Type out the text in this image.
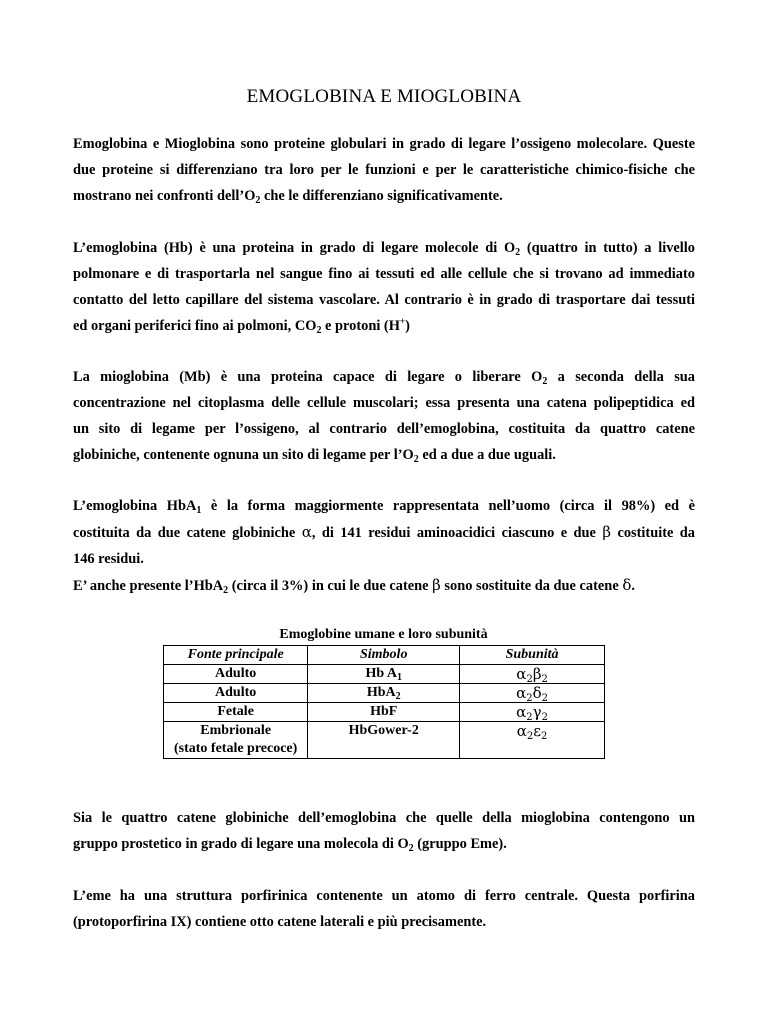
EMOGLOBINA E MIOGLOBINA

Emoglobina e Mioglobina sono proteine globulari in grado di legare l’ossigeno molecolare. Queste
due proteine si differenziano tra loro per le funzioni e per le caratteristiche chimico-fisiche che
mostrano nei confronti $dell’O_2$ che le differenziano significativamente.

L’emoglobina (Hb) è una proteina in grado di legare molecole di $O_2$ (quattro in tutto) a livello
polmonare e di trasportarla nel sangue fino ai tessuti ed alle cellule che si trovano ad immediato
contatto del letto capillare del sistema vascolare. Al contrario è in grado di trasportare dai tessuti
ed organi periferici fino ai polmoni, $CO_2$ e protoni (H+)

La mioglobina (Mb) è una proteina capace di legare o liberare $O_2$ a seconda della sua
concentrazione nel citoplasma delle cellule muscolari; essa presenta una catena polipeptidica ed
un sito di legame per l’ossigeno, al contrario dell’emoglobina, costituita da quattro catene
globiniche, contenente ognuna un sito di legame per $l’O_2$ ed a due a due uguali.

L’emoglobina HbA$_1$ è la forma maggiormente rappresentata nell’uomo (circa il 98%) ed è
costituita da due catene globiniche α, di 141 residui aminoacidici ciascuno e due β costituite da
146 residui.
E’ anche presente l’HbA$_2$ (circa il 3%) in cui le due catene β sono sostituite da due catene δ.

Emoglobine umane e loro subunità
Fonte principale	Simbolo	Subunità
Adulto	Hb $A_1$	$\alpha_2\beta_2$
Adulto	HbA$_2$	$\alpha_2\delta_2$
Fetale	HbF	$\alpha_2\gamma_2$
Embrionale
(stato fetale precoce)	HbGower-2	$\alpha_2\varepsilon_2$

Sia le quattro catene globiniche dell’emoglobina che quelle della mioglobina contengono un
gruppo prostetico in grado di legare una molecola di $O_2$ (gruppo Eme).

L’eme ha una struttura porfirinica contenente un atomo di ferro centrale. Questa porfirina
(protoporfirina IX) contiene otto catene laterali e più precisamente.
